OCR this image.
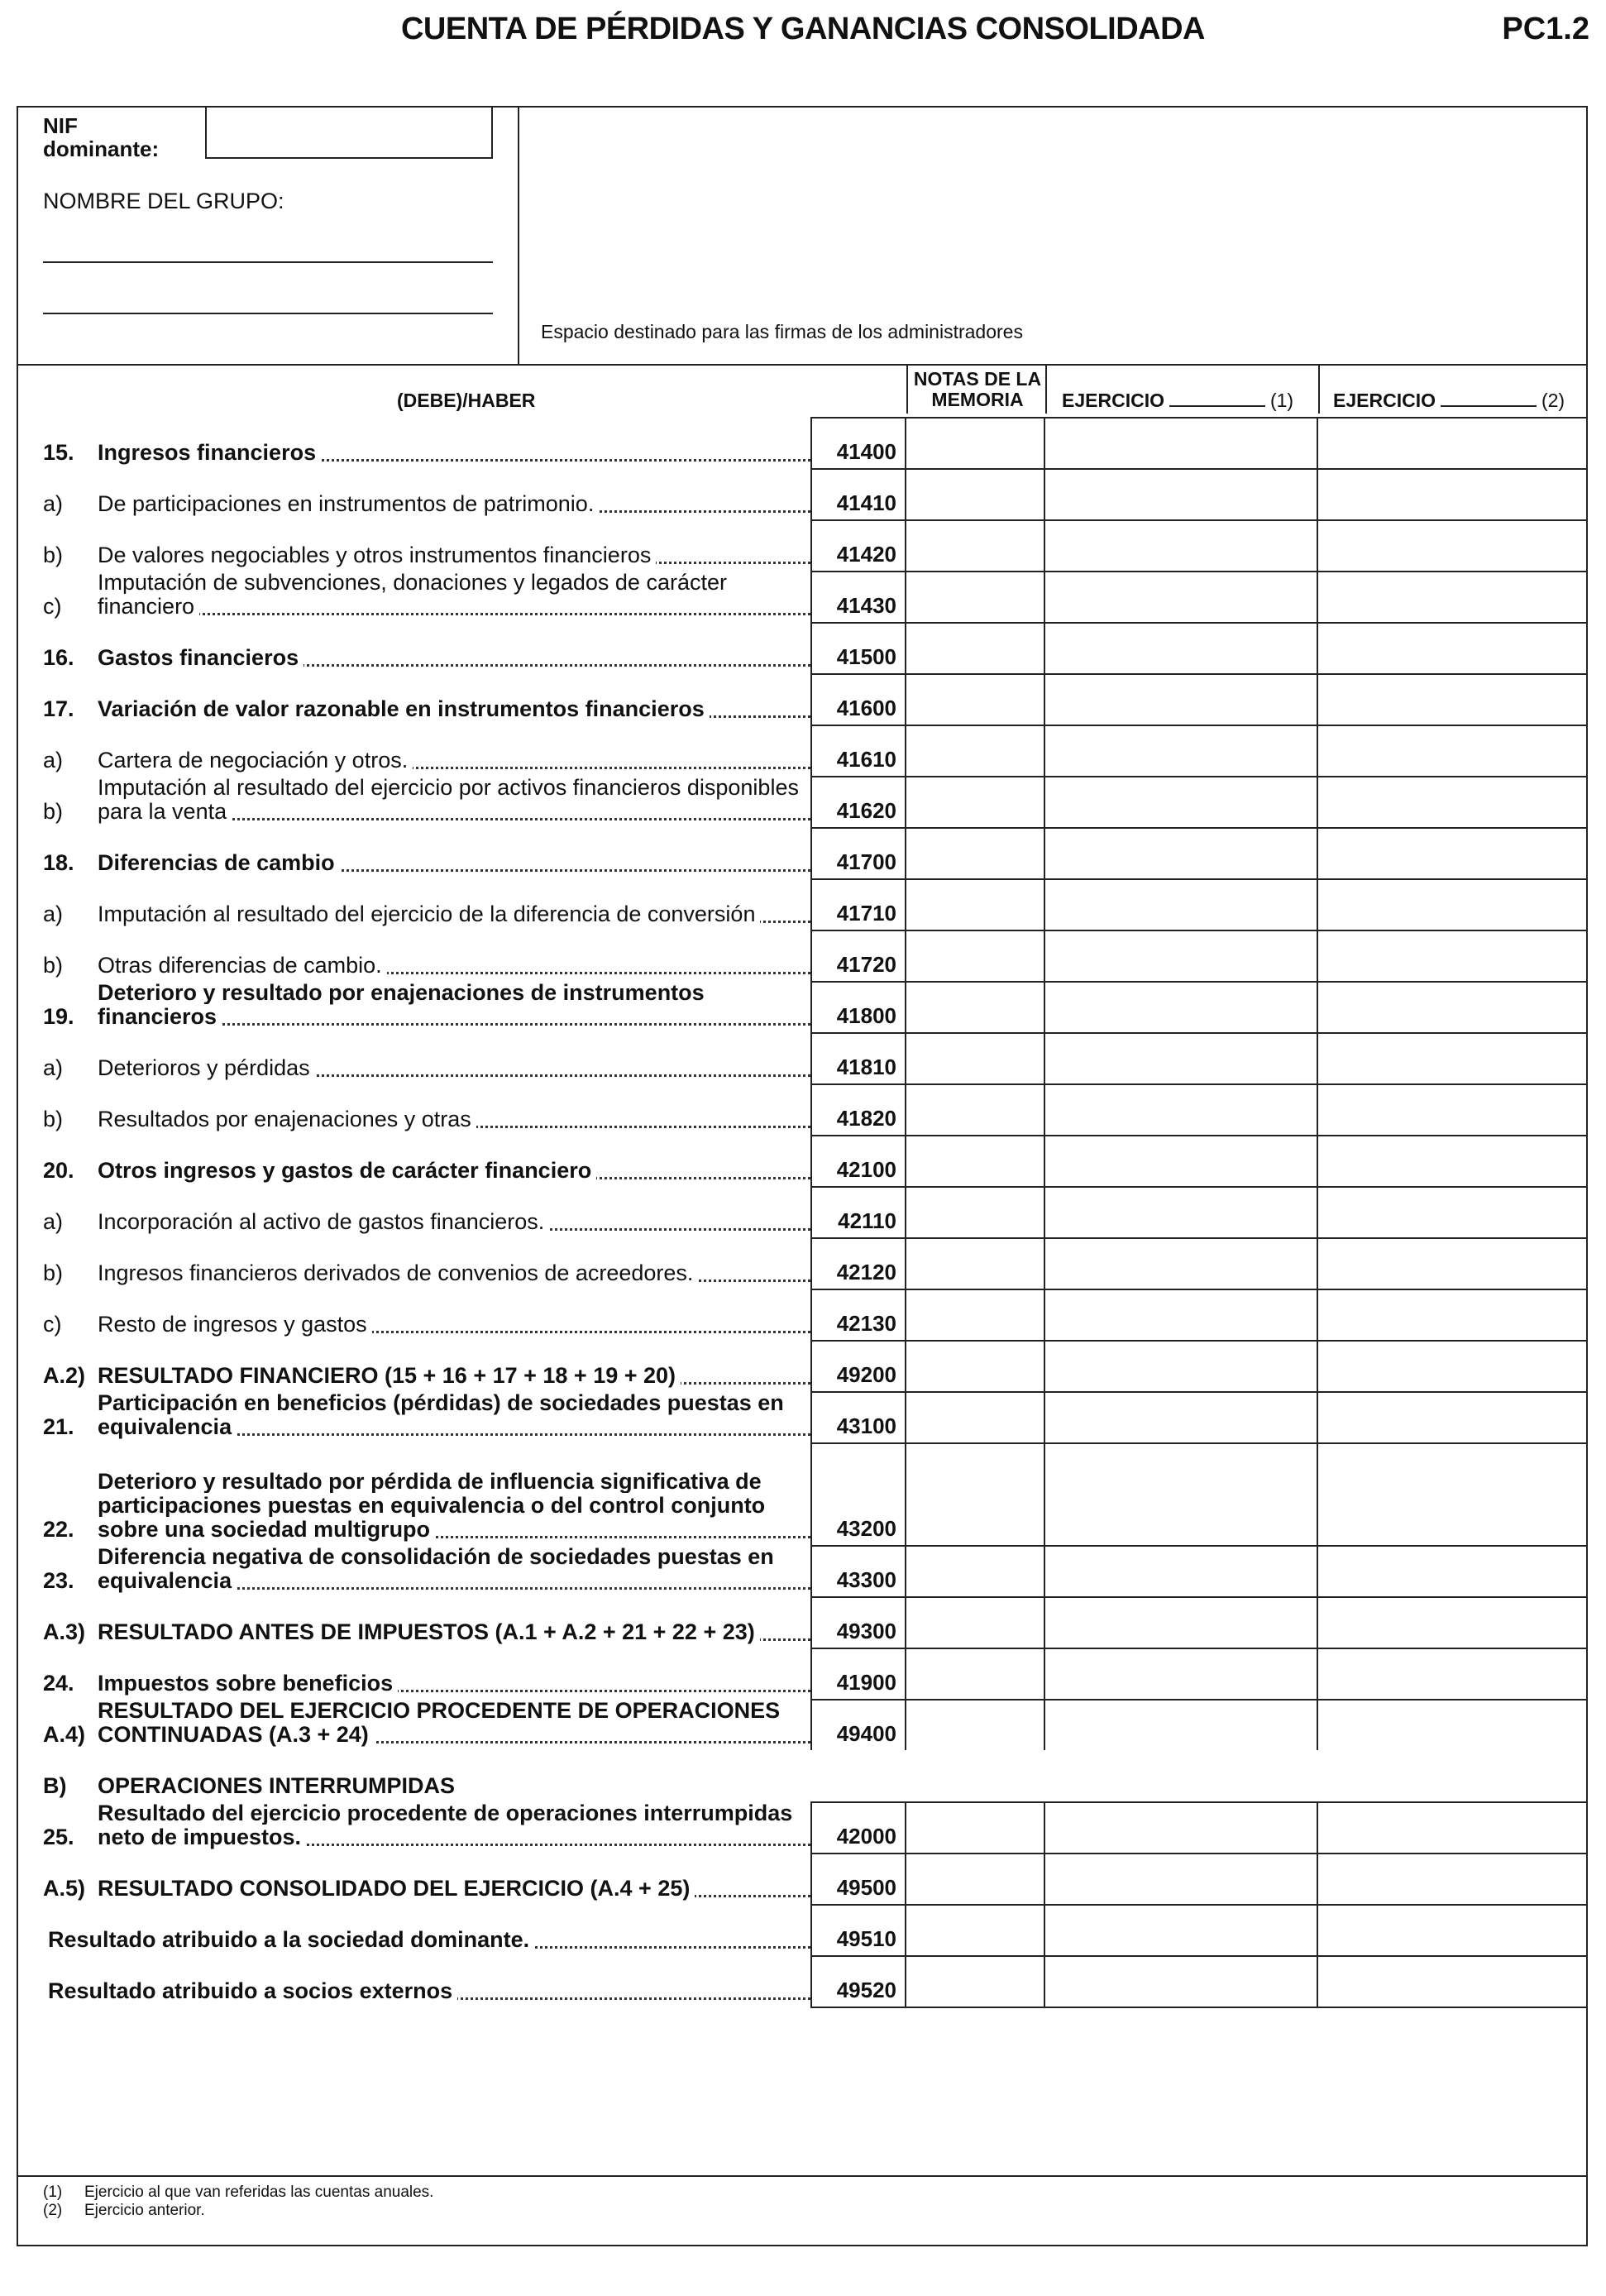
CUENTA DE PÉRDIDAS Y GANANCIAS CONSOLIDADA	PC1.2
NIF dominante:
NOMBRE DEL GRUPO:
Espacio destinado para las firmas de los administradores
(DEBE)/HABER
NOTAS DE LA MEMORIA	EJERCICIO	(1) EJERCICIO	(2)
15. Ingresos financieros	41400
a) De participaciones en instrumentos de patrimonio.	41410
b) De valores negociables y otros instrumentos financieros	41420
c)
Imputación de subvenciones, donaciones y legados de carácter financiero	41430
16. Gastos financieros	41500
17. Variación de valor razonable en instrumentos financieros	41600
a) Cartera de negociación y otros.	41610
b)
Imputación al resultado del ejercicio por activos financieros disponibles para la venta	41620
18. Diferencias de cambio	41700
a) Imputación al resultado del ejercicio de la diferencia de conversión	41710
b) Otras diferencias de cambio.	41720
19.
Deterioro y resultado por enajenaciones de instrumentos financieros	41800
a) Deterioros y pérdidas	41810
b) Resultados por enajenaciones y otras	41820
20. Otros ingresos y gastos de carácter financiero	42100
a) Incorporación al activo de gastos financieros.	42110
b) Ingresos financieros derivados de convenios de acreedores.	42120
c) Resto de ingresos y gastos	42130
A.2) RESULTADO FINANCIERO (15 + 16 + 17 + 18 + 19 + 20)	49200
21.
Participación en beneficios (pérdidas) de sociedades puestas en equivalencia	43100
22.
Deterioro y resultado por pérdida de influencia significativa de participaciones puestas en equivalencia o del control conjunto sobre una sociedad multigrupo	43200
23.
Diferencia negativa de consolidación de sociedades puestas en equivalencia	43300
A.3) RESULTADO ANTES DE IMPUESTOS (A.1 + A.2 + 21 + 22 + 23)	49300
24. Impuestos sobre beneficios	41900
A.4)
RESULTADO DEL EJERCICIO PROCEDENTE DE OPERACIONES CONTINUADAS (A.3 + 24)	49400
B) OPERACIONES INTERRUMPIDAS
25.
Resultado del ejercicio procedente de operaciones interrumpidas neto de impuestos.	42000
A.5) RESULTADO CONSOLIDADO DEL EJERCICIO (A.4 + 25)	49500
Resultado atribuido a la sociedad dominante.	49510
Resultado atribuido a socios externos	49520
(1) Ejercicio al que van referidas las cuentas anuales.
(2) Ejercicio anterior.
